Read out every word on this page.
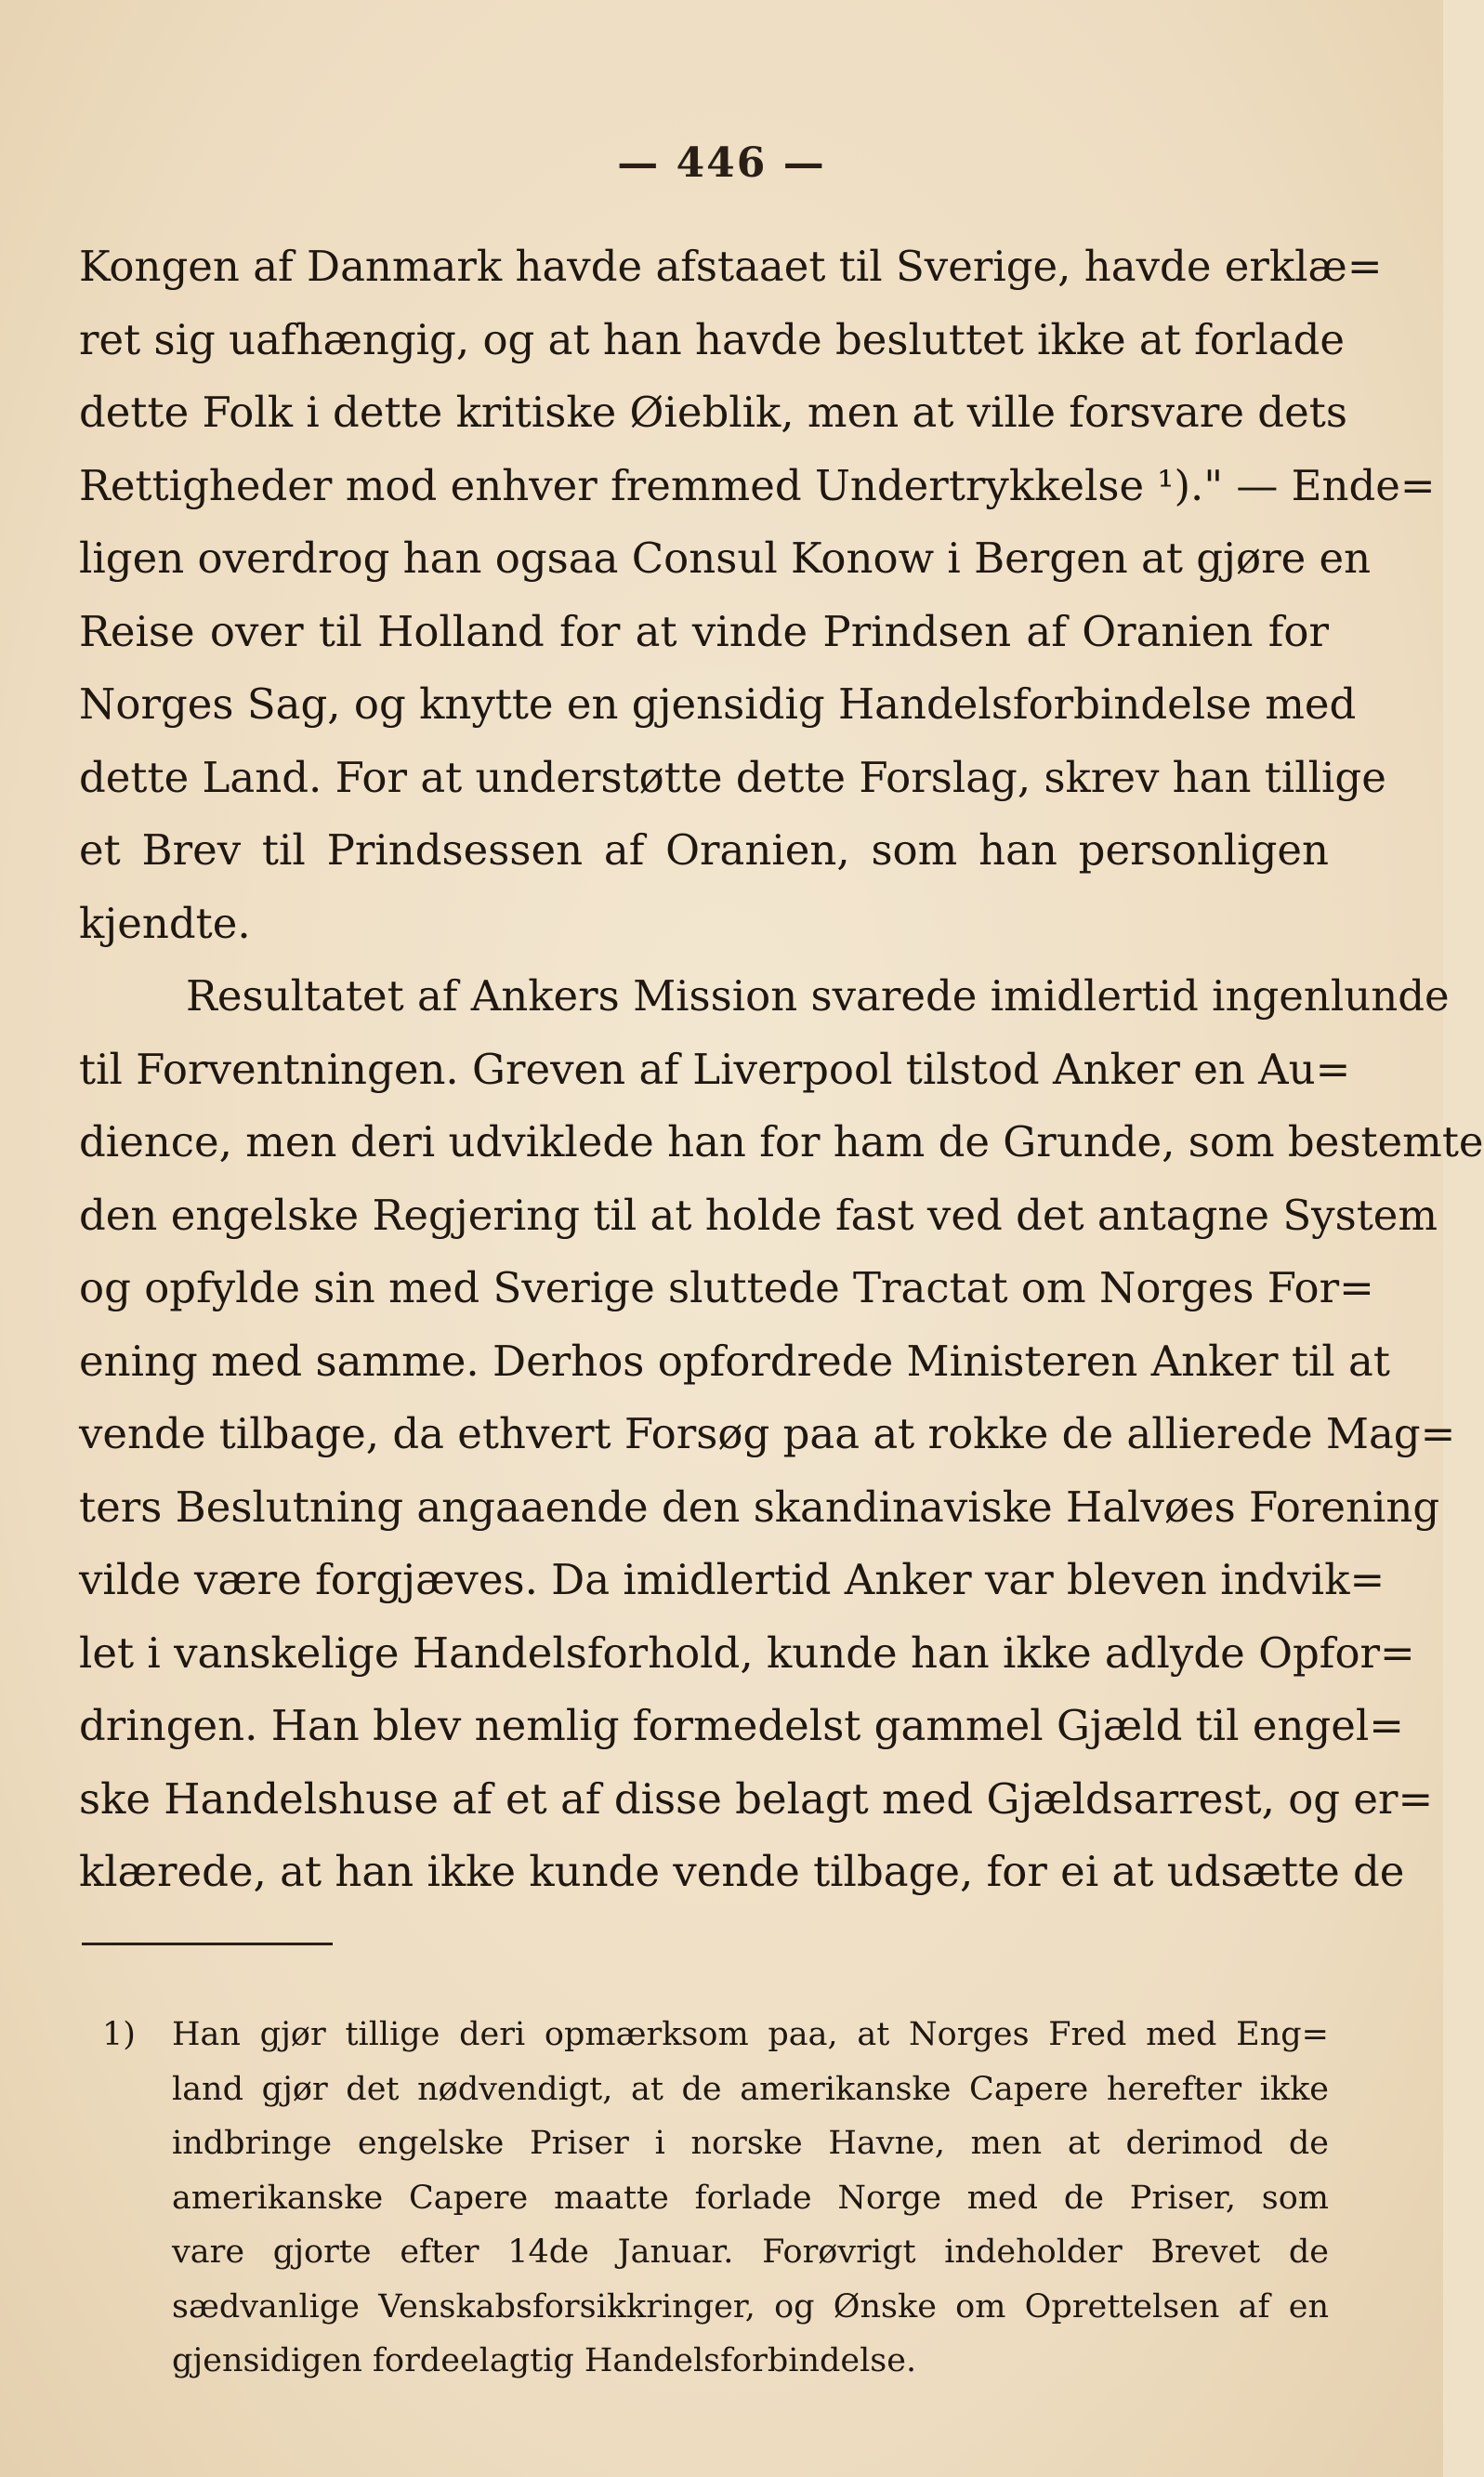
— 446 —
Kongen af Danmark havde afstaaet til Sverige, havde erklæ=
ret sig uafhængig, og at han havde besluttet ikke at forlade
dette Folk i dette kritiske Øieblik, men at ville forsvare dets
Rettigheder mod enhver fremmed Undertrykkelse ¹)." — Ende=
ligen overdrog han ogsaa Consul Konow i Bergen at gjøre en
Reise over til Holland for at vinde Prindsen af Oranien for
Norges Sag, og knytte en gjensidig Handelsforbindelse med
dette Land. For at understøtte dette Forslag, skrev han tillige
et Brev til Prindsessen af Oranien, som han personligen
kjendte.
Resultatet af Ankers Mission svarede imidlertid ingenlunde
til Forventningen. Greven af Liverpool tilstod Anker en Au=
dience, men deri udviklede han for ham de Grunde, som bestemte
den engelske Regjering til at holde fast ved det antagne System
og opfylde sin med Sverige sluttede Tractat om Norges For=
ening med samme. Derhos opfordrede Ministeren Anker til at
vende tilbage, da ethvert Forsøg paa at rokke de allierede Mag=
ters Beslutning angaaende den skandinaviske Halvøes Forening
vilde være forgjæves. Da imidlertid Anker var bleven indvik=
let i vanskelige Handelsforhold, kunde han ikke adlyde Opfor=
dringen. Han blev nemlig formedelst gammel Gjæld til engel=
ske Handelshuse af et af disse belagt med Gjældsarrest, og er=
klærede, at han ikke kunde vende tilbage, for ei at udsætte de
1) Han gjør tillige deri opmærksom paa, at Norges Fred med Eng=
land gjør det nødvendigt, at de amerikanske Capere herefter ikke
indbringe engelske Priser i norske Havne, men at derimod de
amerikanske Capere maatte forlade Norge med de Priser, som
vare gjorte efter 14de Januar. Forøvrigt indeholder Brevet de
sædvanlige Venskabsforsikkringer, og Ønske om Oprettelsen af en
gjensidigen fordeelagtig Handelsforbindelse.
